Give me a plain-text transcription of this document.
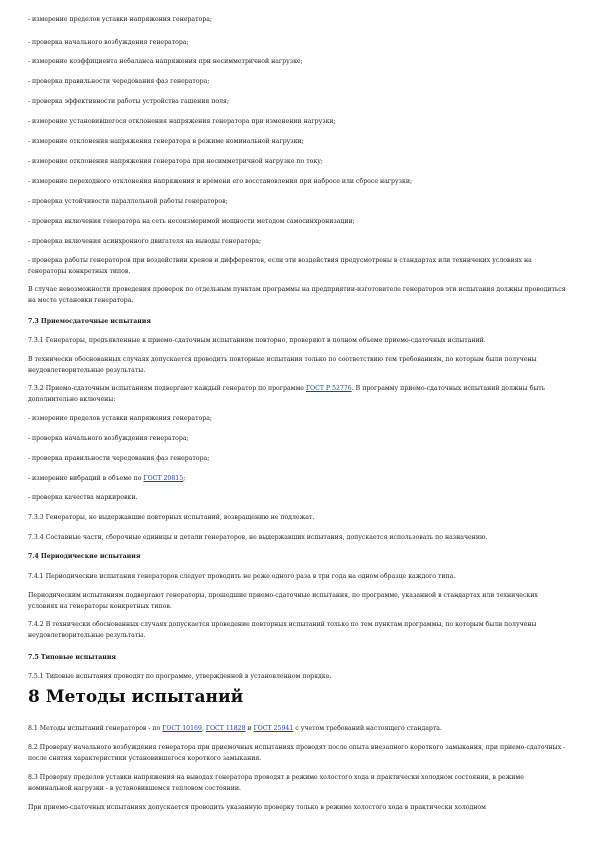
- измерение пределов уставки напряжения генератора;

- проверка начального возбуждения генератора;

- измерение коэффициента небаланса напряжения при несимметричной нагрузке;

- проверка правильности чередования фаз генератора;

- проверка эффективности работы устройства гашения поля;

- измерение установившегося отклонения напряжения генератора при изменении нагрузки;

- измерение отклонения напряжения генератора в режиме номинальной нагрузки;

- измерение отклонения напряжения генератора при несимметричной нагрузке по току;

- измерение переходного отклонения напряжения и времени его восстановления при набросе или сбросе нагрузки;

- проверка устойчивости параллельной работы генераторов;

- проверка включения генератора на сеть несоизмеримой мощности методом самосинхронизации;

- проверка включения асинхронного двигателя на выводы генератора;

- проверка работы генераторов при воздействии кренов и дифферентов, если эти воздействия предусмотрены в стандартах или техничеких условиях на генераторы конкретных типов.

В случае невозможности проведения проверок по отдельным пунктам программы на предприятии-изготовителе генераторов эти испытания должны проводиться на месте установки генератора.

7.3 Приемосдаточные испытания

7.3.1 Генераторы, предъявленные к приемо-сдаточным испытаниям повторно, проверяют в полном объеме приемо-сдаточных испытаний.

В технически обоснованных случаях допускается проводить повторные испытания только по соответствию тем требованиям, по которым были получены неудовлетворительные результаты.

7.3.2 Приемо-сдаточным испытаниям подвергают каждый генератор по программе ГОСТ Р 52776. В программу приемо-сдаточных испытаний должны быть дополнительно включены:

- измерение пределов уставки напряжения генератора;

- проверка начального возбуждения генератора;

- проверка правильности чередования фаз генератора;

- измерение вибраций в объеме по ГОСТ 20815;

- проверка качества маркировки.

7.3.3 Генераторы, не выдержавшие повторных испытаний, возвращению не подлежат.

7.3.4 Составные части, сборочные единицы и детали генераторов, не выдержавших испытания, допускается использовать по назначению.

7.4 Периодические испытания

7.4.1 Периодические испытания генераторов следует проводить не реже одного раза в три года на одном образце каждого типа.

Периодическим испытаниям подвергают генераторы, прошедшие приемо-сдаточные испытания, по программе, указанной в стандартах или технических условиях на генераторы конкретных типов.

7.4.2 В технически обоснованных случаях допускается проведение повторных испытаний только по тем пунктам программы, по которым были получены неудовлетворительные результаты.

7.5 Типовые испытания

7.5.1 Типовые испытания проводят по программе, утвержденной в установленном порядке.

8 Методы испытаний

8.1 Методы испытаний генераторов - по ГОСТ 10169, ГОСТ 11828 и ГОСТ 25941 с учетом требований настоящего стандарта.

8.2 Проверку начального возбуждения генератора при приемочных испытаниях проводят после опыта внезапного короткого замыкания, при приемо-сдаточных - после снятия характеристики установившегося короткого замыкания.

8.3 Проверку пределов уставки напряжения на выводах генератора проводят в режиме холостого хода и практически холодном состоянии, в режиме номинальной нагрузки - в установившемся тепловом состоянии.

При приемо-сдаточных испытаниях допускается проводить указанную проверку только в режиме холостого хода в практически холодном
